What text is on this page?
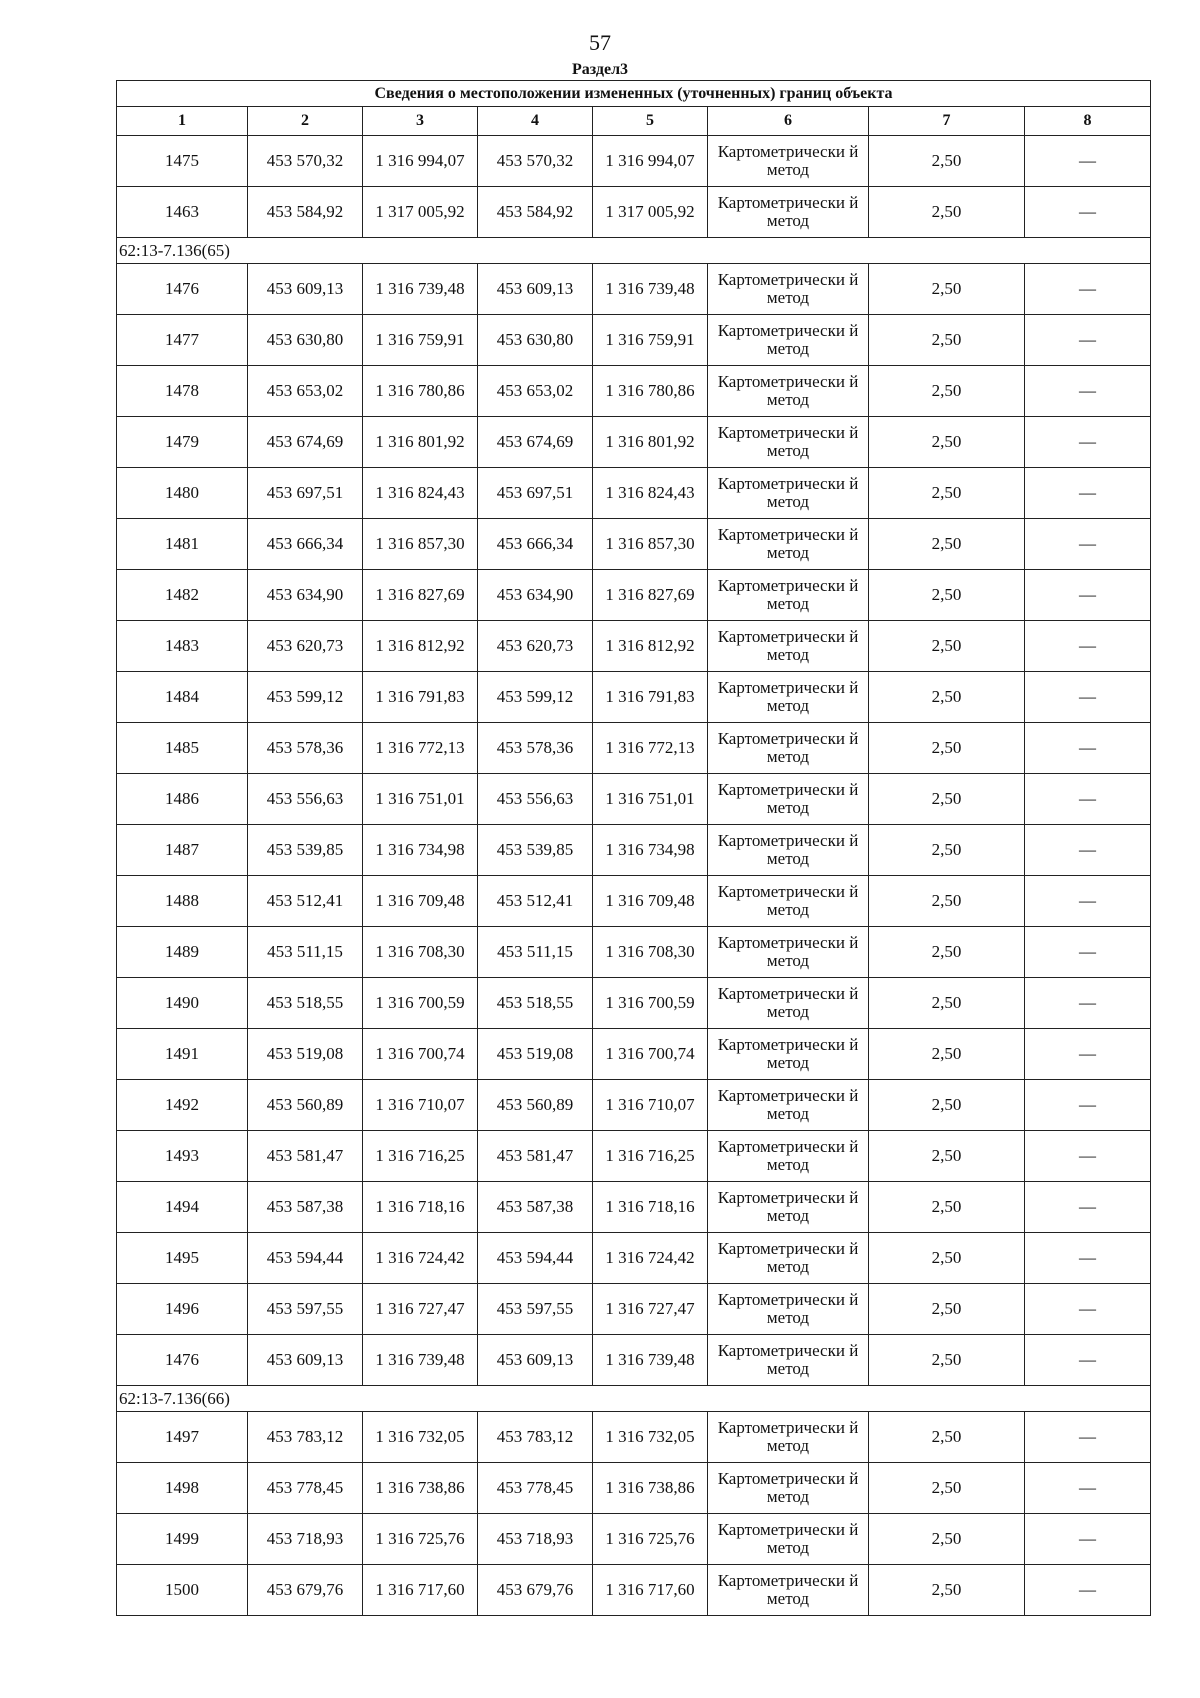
57
Раздел3
Сведения о местоположении измененных (уточненных) границ объекта							
1	2	3	4	5	6	7	8
1475	453 570,32	1 316 994,07	453 570,32	1 316 994,07	Картометрически й метод	2,50	—
1463	453 584,92	1 317 005,92	453 584,92	1 317 005,92	Картометрически й метод	2,50	—
62:13-7.136(65)							
1476	453 609,13	1 316 739,48	453 609,13	1 316 739,48	Картометрически й метод	2,50	—
1477	453 630,80	1 316 759,91	453 630,80	1 316 759,91	Картометрически й метод	2,50	—
1478	453 653,02	1 316 780,86	453 653,02	1 316 780,86	Картометрически й метод	2,50	—
1479	453 674,69	1 316 801,92	453 674,69	1 316 801,92	Картометрически й метод	2,50	—
1480	453 697,51	1 316 824,43	453 697,51	1 316 824,43	Картометрически й метод	2,50	—
1481	453 666,34	1 316 857,30	453 666,34	1 316 857,30	Картометрически й метод	2,50	—
1482	453 634,90	1 316 827,69	453 634,90	1 316 827,69	Картометрически й метод	2,50	—
1483	453 620,73	1 316 812,92	453 620,73	1 316 812,92	Картометрически й метод	2,50	—
1484	453 599,12	1 316 791,83	453 599,12	1 316 791,83	Картометрически й метод	2,50	—
1485	453 578,36	1 316 772,13	453 578,36	1 316 772,13	Картометрически й метод	2,50	—
1486	453 556,63	1 316 751,01	453 556,63	1 316 751,01	Картометрически й метод	2,50	—
1487	453 539,85	1 316 734,98	453 539,85	1 316 734,98	Картометрически й метод	2,50	—
1488	453 512,41	1 316 709,48	453 512,41	1 316 709,48	Картометрически й метод	2,50	—
1489	453 511,15	1 316 708,30	453 511,15	1 316 708,30	Картометрически й метод	2,50	—
1490	453 518,55	1 316 700,59	453 518,55	1 316 700,59	Картометрически й метод	2,50	—
1491	453 519,08	1 316 700,74	453 519,08	1 316 700,74	Картометрически й метод	2,50	—
1492	453 560,89	1 316 710,07	453 560,89	1 316 710,07	Картометрически й метод	2,50	—
1493	453 581,47	1 316 716,25	453 581,47	1 316 716,25	Картометрически й метод	2,50	—
1494	453 587,38	1 316 718,16	453 587,38	1 316 718,16	Картометрически й метод	2,50	—
1495	453 594,44	1 316 724,42	453 594,44	1 316 724,42	Картометрически й метод	2,50	—
1496	453 597,55	1 316 727,47	453 597,55	1 316 727,47	Картометрически й метод	2,50	—
1476	453 609,13	1 316 739,48	453 609,13	1 316 739,48	Картометрически й метод	2,50	—
62:13-7.136(66)							
1497	453 783,12	1 316 732,05	453 783,12	1 316 732,05	Картометрически й метод	2,50	—
1498	453 778,45	1 316 738,86	453 778,45	1 316 738,86	Картометрически й метод	2,50	—
1499	453 718,93	1 316 725,76	453 718,93	1 316 725,76	Картометрически й метод	2,50	—
1500	453 679,76	1 316 717,60	453 679,76	1 316 717,60	Картометрически й метод	2,50	—
